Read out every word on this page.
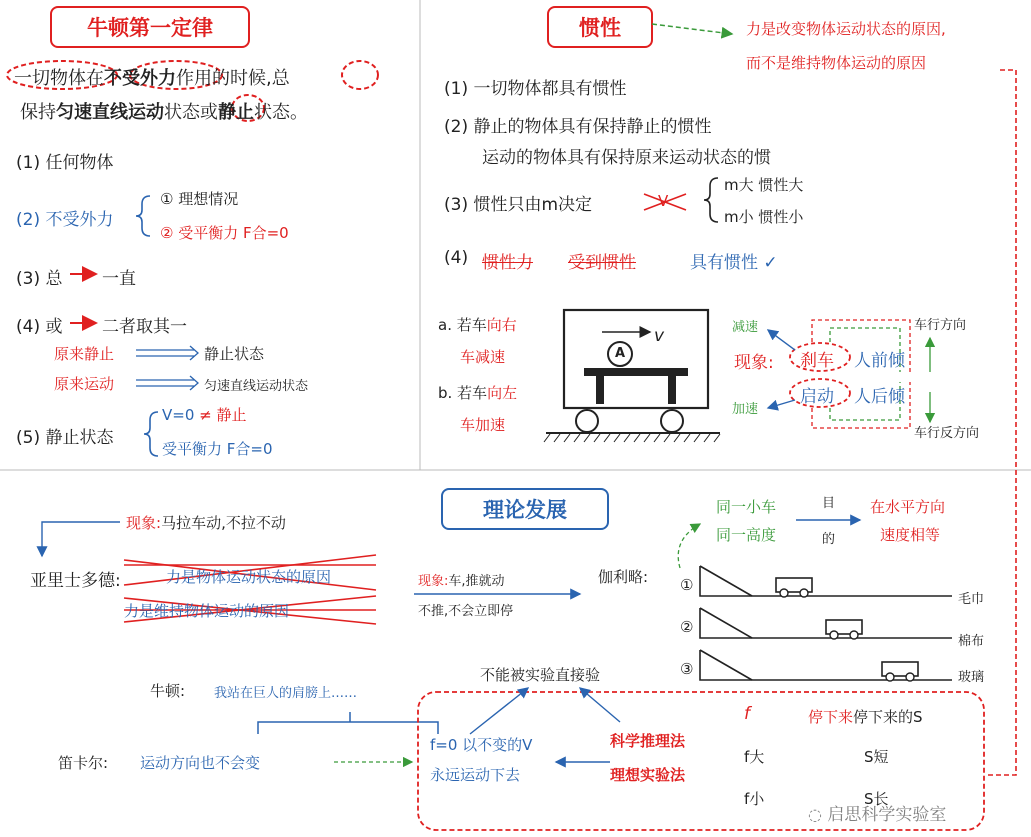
牛顿第一定律	惯性
理论发展
一切物体在不受外力作用的时候,总
保持匀速直线运动状态或静止状态。
(1) 任何物体
(2) 不受外力
① 理想情况
② 受平衡力 F合=0
(3) 总 一直
(4) 或 二者取其一
原来静止	静止状态
原来运动	匀速直线运动状态
(5) 静止状态
V=0 ≠ 静止
受平衡力 F合=0
力是改变物体运动状态的原因,
而不是维持物体运动的原因
(1) 一切物体都具有惯性
(2) 静止的物体具有保持静止的惯性
运动的物体具有保持原来运动状态的惯
(3) 惯性只由m决定	V
m大 惯性大
m小 惯性小
(4) 惯性力 受到惯性	具有惯性 ✓
a. 若车向右
车减速
b. 若车向左
车加速
v
A
减速
加速
现象: 刹车
启动
人前倾
人后倾
车行方向
车行反方向
现象:马拉车动,不拉不动
亚里士多德:	力是物体运动状态的原因
力是维持物体运动的原因
现象:车,推就动
不推,不会立即停
伽利略:
同一小车
同一高度
目
的
在水平方向
速度相等
①
②
③
毛巾
棉布
玻璃
牛顿: 我站在巨人的肩膀上……
不能被实验直接验
笛卡尔: 运动方向也不会变
f=0 以不变的V
永远运动下去
科学推理法
理想实验法
f	停下来停下来的S
f大	S短
f小	S长
◌ 启思科学实验室
